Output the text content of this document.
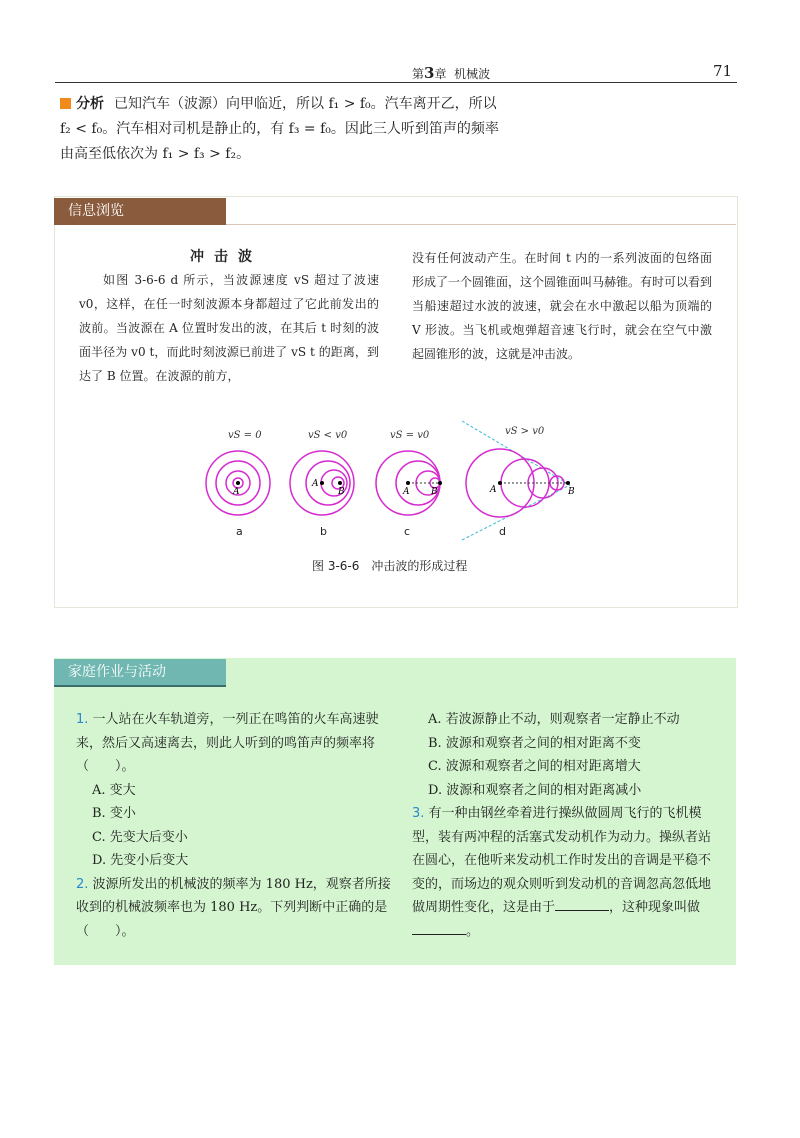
第3章 机械波	71
分析 已知汽车（波源）向甲临近，所以 f₁ > f₀。汽车离开乙，所以 f₂ < f₀。汽车相对司机是静止的，有 f₃ = f₀。因此三人听到笛声的频率由高至低依次为 f₁ > f₃ > f₂。
信息浏览
冲击波
如图 3-6-6 d 所示，当波源速度 vS 超过了波速 v0，这样，在任一时刻波源本身都超过了它此前发出的波前。当波源在 A 位置时发出的波，在其后 t 时刻的波面半径为 v0 t，而此时刻波源已前进了 vS t 的距离，到达了 B 位置。在波源的前方，
没有任何波动产生。在时间 t 内的一系列波面的包络面形成了一个圆锥面，这个圆锥面叫马赫锥。有时可以看到当船速超过水波的波速，就会在水中激起以船为顶端的 V 形波。当飞机或炮弹超音速飞行时，就会在空气中激起圆锥形的波，这就是冲击波。
vS = 0	vS < v0	vS = v0	vS > v0
A
A
B	A B	A	B
a	b	c	d
图 3-6-6　冲击波的形成过程
家庭作业与活动
1. 一人站在火车轨道旁，一列正在鸣笛的火车高速驶来，然后又高速离去，则此人听到的鸣笛声的频率将（　　）。
A. 变大
B. 变小
C. 先变大后变小
D. 先变小后变大
2. 波源所发出的机械波的频率为 180 Hz，观察者所接收到的机械波频率也为 180 Hz。下列判断中正确的是（　　）。
A. 若波源静止不动，则观察者一定静止不动
B. 波源和观察者之间的相对距离不变
C. 波源和观察者之间的相对距离增大
D. 波源和观察者之间的相对距离减小
3. 有一种由钢丝牵着进行操纵做圆周飞行的飞机模型，装有两冲程的活塞式发动机作为动力。操纵者站在圆心，在他听来发动机工作时发出的音调是平稳不变的，而场边的观众则听到发动机的音调忽高忽低地做周期性变化，这是由于	，这种现象叫做。
